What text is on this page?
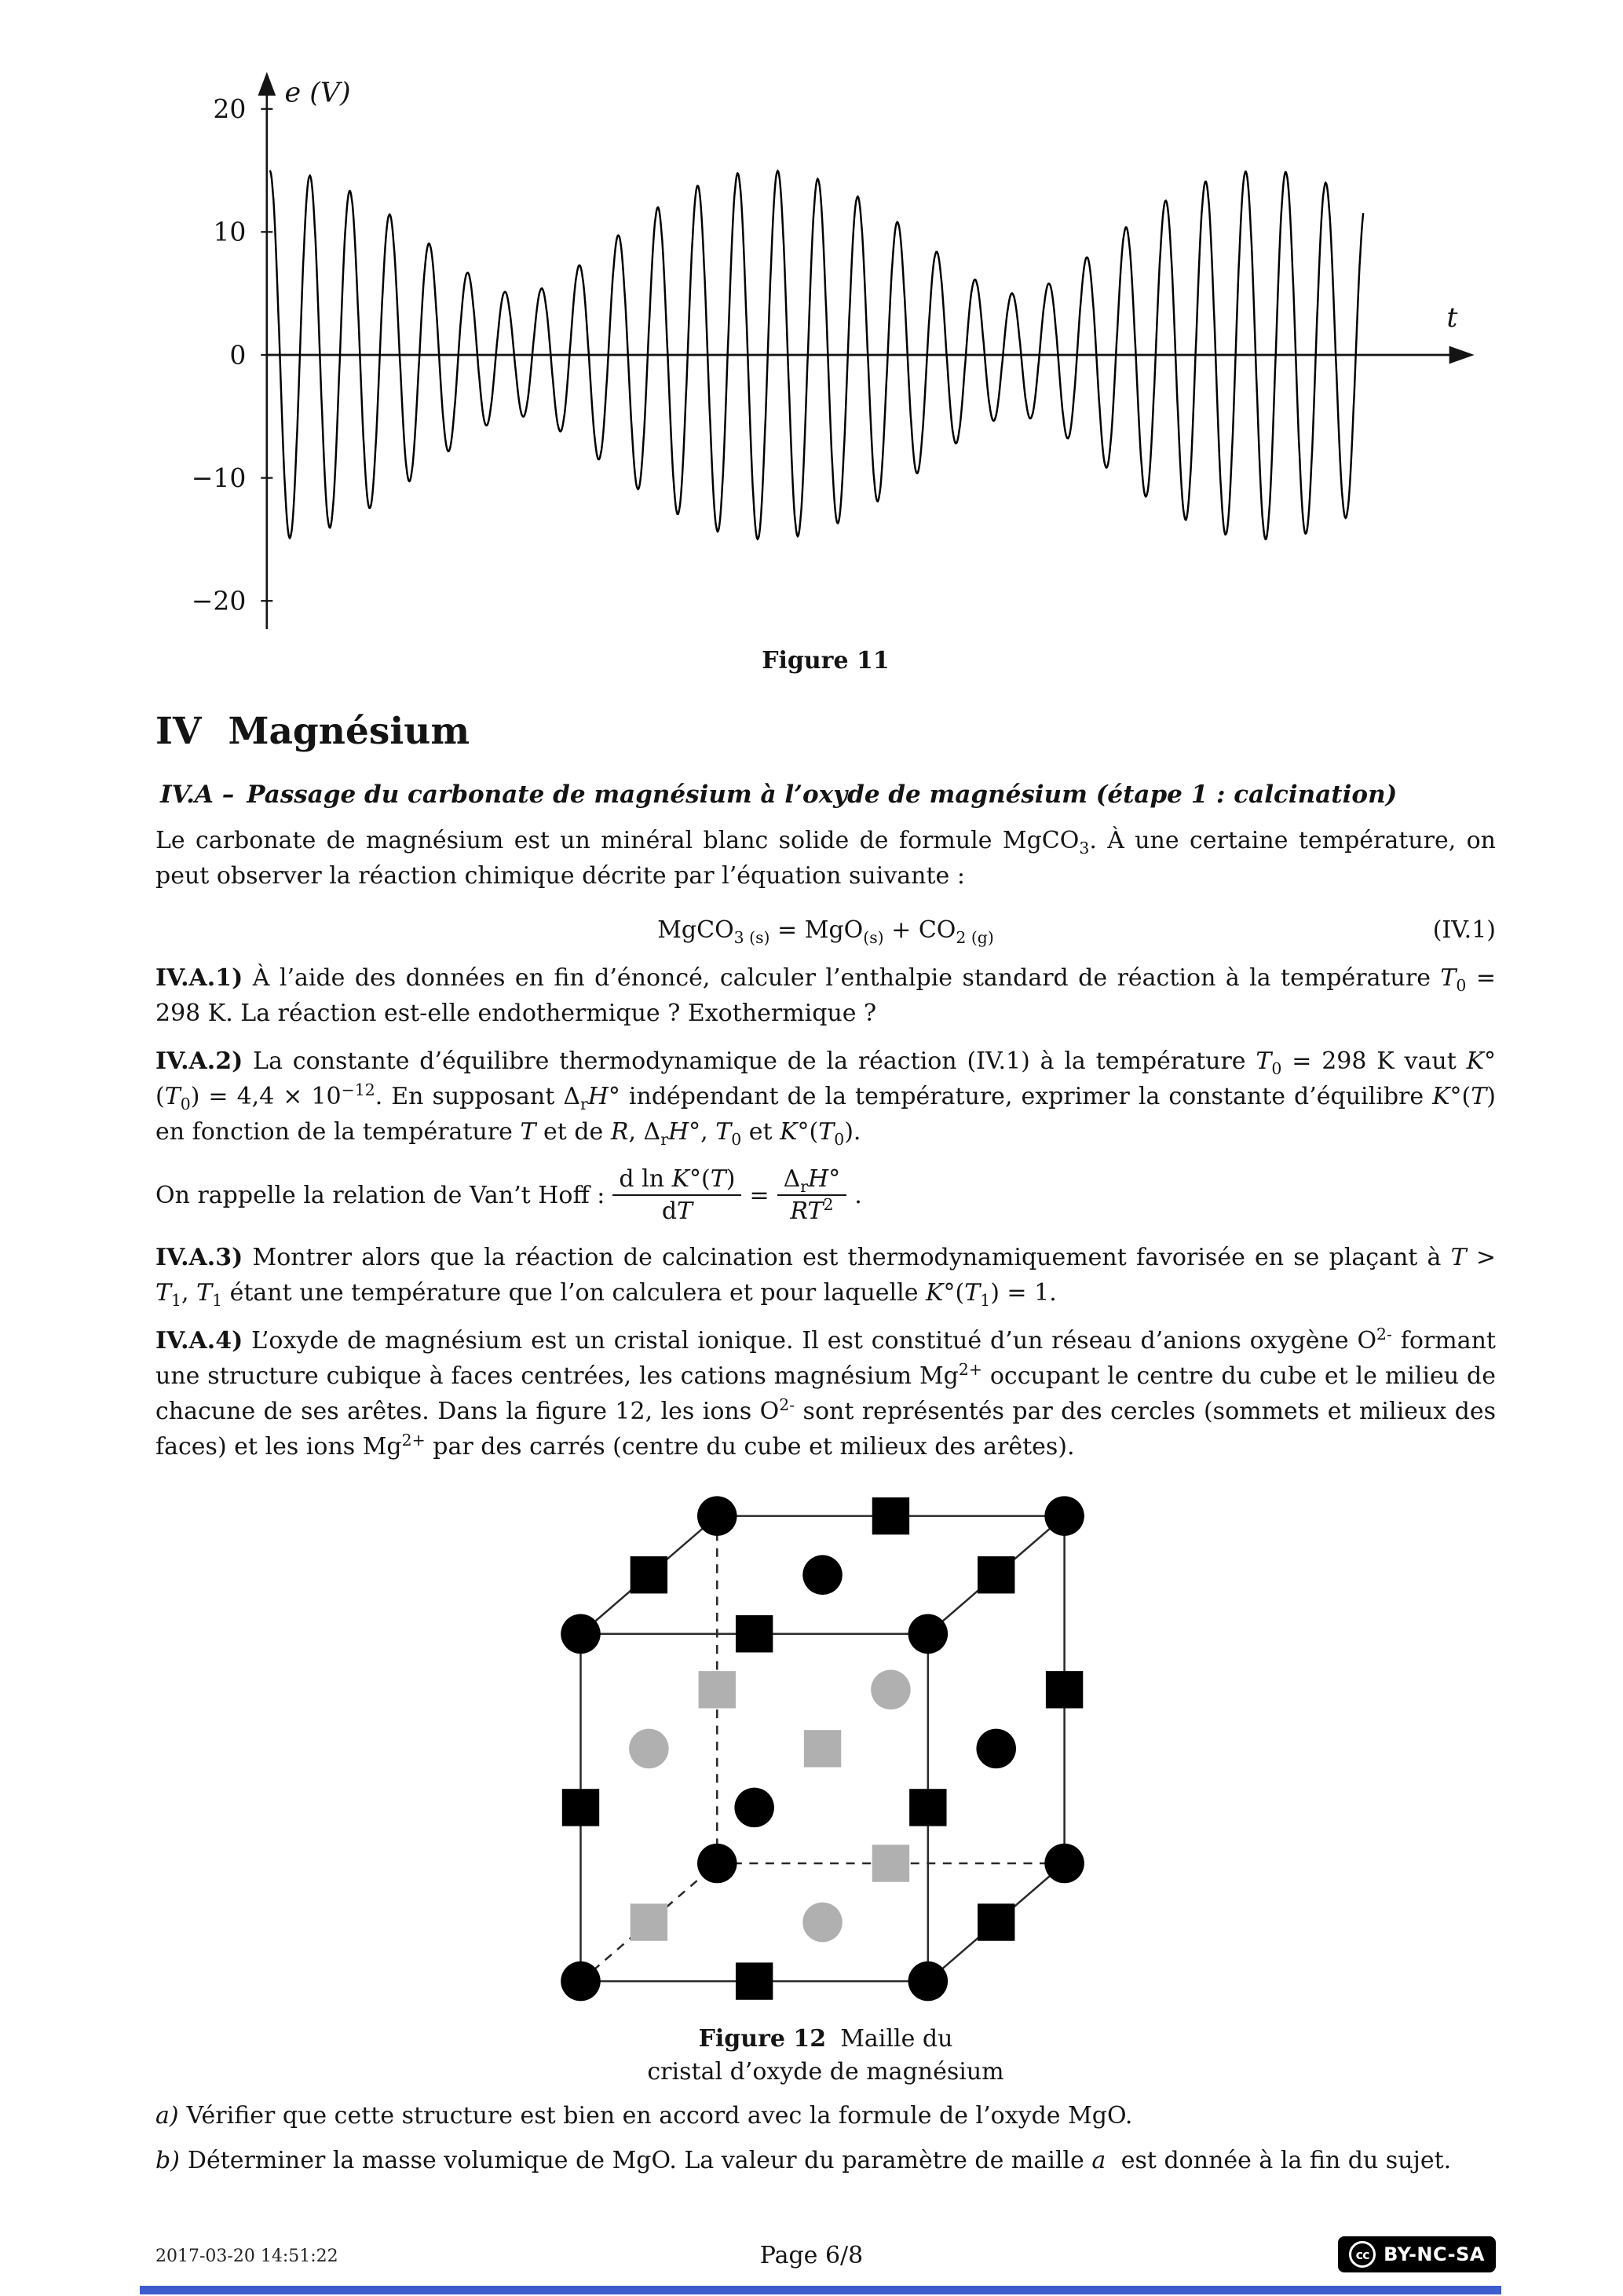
20
10
0
−10
−20
e (V)
t
Figure 11
IV Magnésium
IV.A – Passage du carbonate de magnésium à l’oxyde de magnésium (étape 1 : calcination)

Le carbonate de magnésium est un minéral blanc solide de formule MgCO$_3$. À une certaine température, on peut observer la réaction chimique décrite par l’équation suivante :

MgCO$_{3 (s)}$ = $MgO_{(s)} + CO_{2 (g)}$	(IV.1)

IV.A.1) À l’aide des données en fin d’énoncé, calculer l’enthalpie standard de réaction à la température $T_0 = 298$ K. La réaction est-elle endothermique ? Exothermique ?

IV.A.2) La constante d’équilibre thermodynamique de la réaction (IV.1) à la température $T_0 = 298$ K vaut $K^\circ(T_0) = 4,4 \times 10^{-12}$. En supposant $\Delta_rH^\circ$ indépendant de la température, exprimer la constante d’équilibre K°(T) en fonction de la température T et de R, $\Delta_rH^\circ$, $T_0$ et $K^\circ(T_0)$.

On rappelle la relation de Van’t Hoff : $\frac{\text{d ln K°(T)}}{dT} = \frac{\Delta_rH^\circ}{RT^2}$ .

IV.A.3) Montrer alors que la réaction de calcination est thermodynamiquement favorisée en se plaçant à $T > T_1$, $T_1$ étant une température que l’on calculera et pour laquelle $K^\circ(T_1) = 1$.

IV.A.4) L’oxyde de magnésium est un cristal ionique. Il est constitué d’un réseau d’anions oxygène $O^{2-}$ formant une structure cubique à faces centrées, les cations magnésium $Mg^{2+}$ occupant le centre du cube et le milieu de chacune de ses arêtes. Dans la figure 12, les ions $O^{2-}$ sont représentés par des cercles (sommets et milieux des faces) et les ions $Mg^{2+}$ par des carrés (centre du cube et milieux des arêtes).

Figure 12 Maille du
cristal d’oxyde de magnésium

a) Vérifier que cette structure est bien en accord avec la formule de l’oxyde MgO.

b) Déterminer la masse volumique de MgO. La valeur du paramètre de maille a est donnée à la fin du sujet.

2017-03-20 14:51:22	Page 6/8	cc BY-NC-SA
